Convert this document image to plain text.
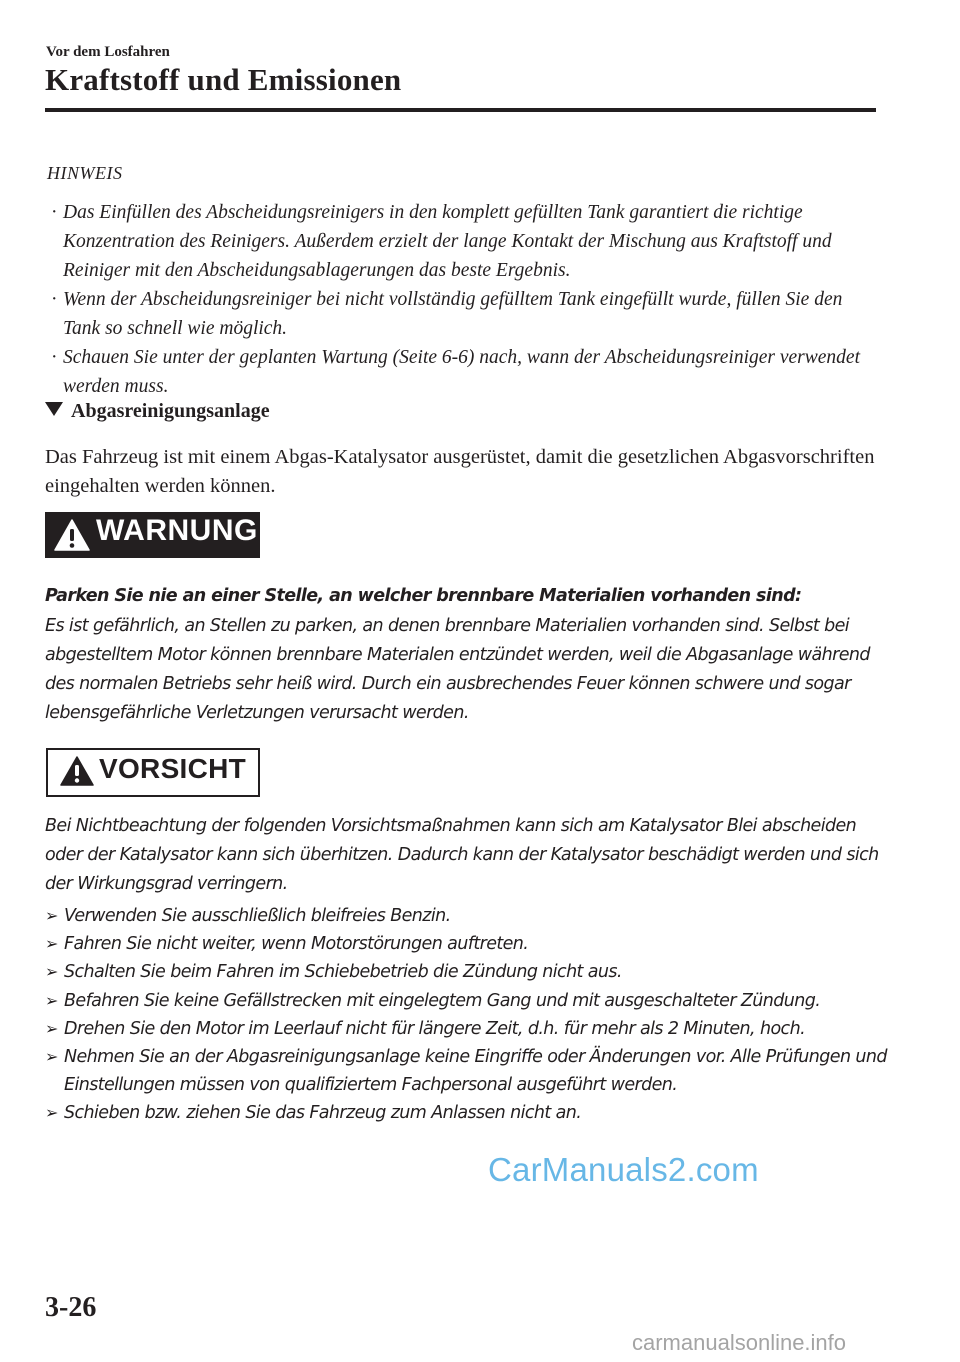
Vor dem Losfahren
Kraftstoff und Emissionen
HINWEIS
· Das Einfüllen des Abscheidungsreinigers in den komplett gefüllten Tank garantiert die richtige Konzentration des Reinigers. Außerdem erzielt der lange Kontakt der Mischung aus Kraftstoff und Reiniger mit den Abscheidungsablagerungen das beste Ergebnis.
· Wenn der Abscheidungsreiniger bei nicht vollständig gefülltem Tank eingefüllt wurde, füllen Sie den Tank so schnell wie möglich.
· Schauen Sie unter der geplanten Wartung (Seite 6-6) nach, wann der Abscheidungsreiniger verwendet werden muss.
Abgasreinigungsanlage
Das Fahrzeug ist mit einem Abgas-Katalysator ausgerüstet, damit die gesetzlichen Abgasvorschriften eingehalten werden können.
WARNUNG
Parken Sie nie an einer Stelle, an welcher brennbare Materialien vorhanden sind:
Es ist gefährlich, an Stellen zu parken, an denen brennbare Materialien vorhanden sind. Selbst bei abgestelltem Motor können brennbare Materialen entzündet werden, weil die Abgasanlage während des normalen Betriebs sehr heiß wird. Durch ein ausbrechendes Feuer können schwere und sogar lebensgefährliche Verletzungen verursacht werden.
VORSICHT
Bei Nichtbeachtung der folgenden Vorsichtsmaßnahmen kann sich am Katalysator Blei abscheiden oder der Katalysator kann sich überhitzen. Dadurch kann der Katalysator beschädigt werden und sich der Wirkungsgrad verringern.
➢ Verwenden Sie ausschließlich bleifreies Benzin.
➢ Fahren Sie nicht weiter, wenn Motorstörungen auftreten.
➢ Schalten Sie beim Fahren im Schiebebetrieb die Zündung nicht aus.
➢ Befahren Sie keine Gefällstrecken mit eingelegtem Gang und mit ausgeschalteter Zündung.
➢ Drehen Sie den Motor im Leerlauf nicht für längere Zeit, d.h. für mehr als 2 Minuten, hoch.
➢ Nehmen Sie an der Abgasreinigungsanlage keine Eingriffe oder Änderungen vor. Alle Prüfungen und Einstellungen müssen von qualifiziertem Fachpersonal ausgeführt werden.
➢ Schieben bzw. ziehen Sie das Fahrzeug zum Anlassen nicht an.
CarManuals2.com
3-26
carmanualsonline.info
